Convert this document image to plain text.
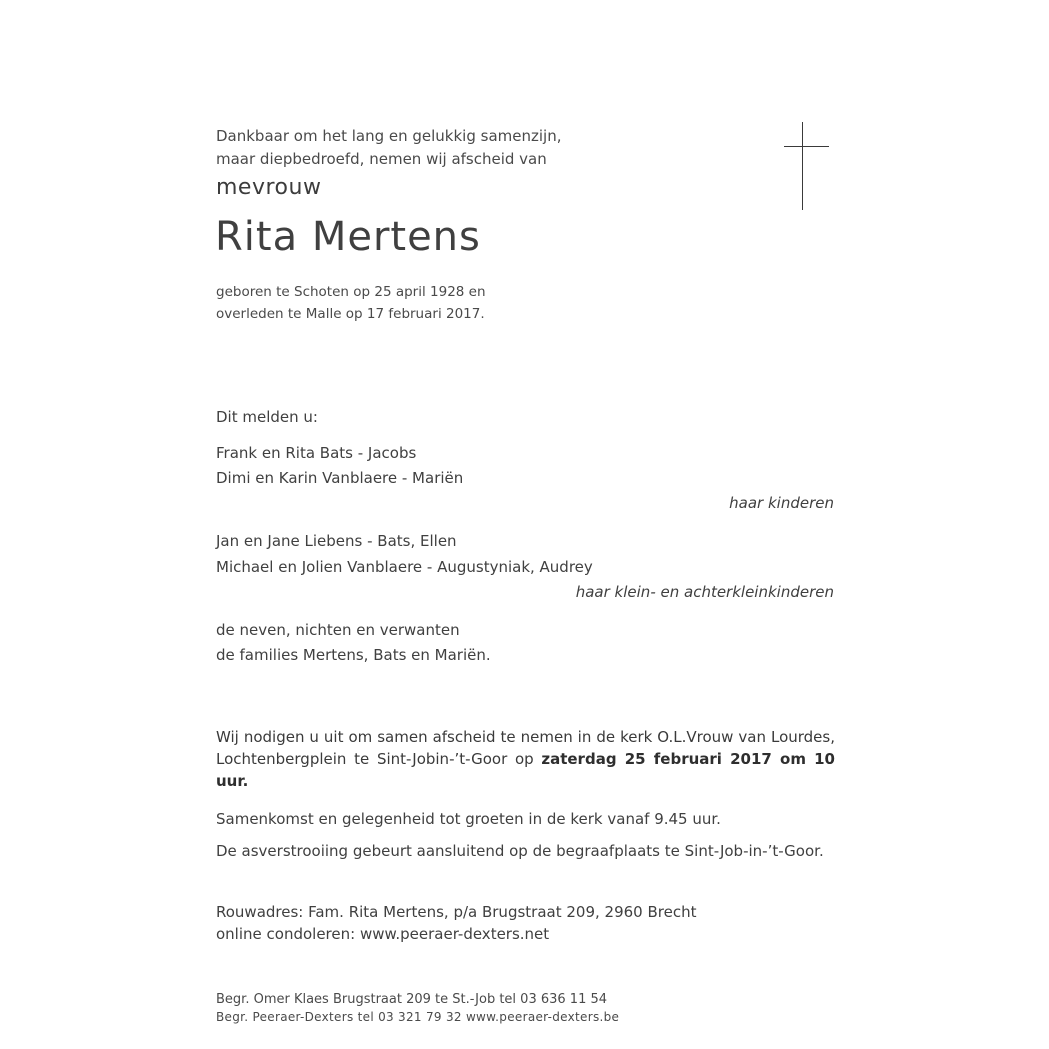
Dankbaar om het lang en gelukkig samenzijn,
maar diepbedroefd, nemen wij afscheid van
mevrouw
Rita Mertens
geboren te Schoten op 25 april 1928 en
overleden te Malle op 17 februari 2017.
Dit melden u:
Frank en Rita Bats - Jacobs
Dimi en Karin Vanblaere - Mariën
haar kinderen
Jan en Jane Liebens - Bats, Ellen
Michael en Jolien Vanblaere - Augustyniak, Audrey
haar klein- en achterkleinkinderen
de neven, nichten en verwanten
de families Mertens, Bats en Mariën.
Wij nodigen u uit om samen afscheid te nemen in de kerk O.L.Vrouw van Lourdes, Lochtenbergplein te Sint-Jobin-’t-Goor op zaterdag 25 februari 2017 om 10 uur.
Samenkomst en gelegenheid tot groeten in de kerk vanaf 9.45 uur.
De asverstrooiing gebeurt aansluitend op de begraafplaats te Sint-Job-in-’t-Goor.
Rouwadres: Fam. Rita Mertens, p/a Brugstraat 209, 2960 Brecht
online condoleren: www.peeraer-dexters.net
Begr. Omer Klaes Brugstraat 209 te St.-Job tel 03 636 11 54
Begr. Peeraer-Dexters tel 03 321 79 32 www.peeraer-dexters.be
